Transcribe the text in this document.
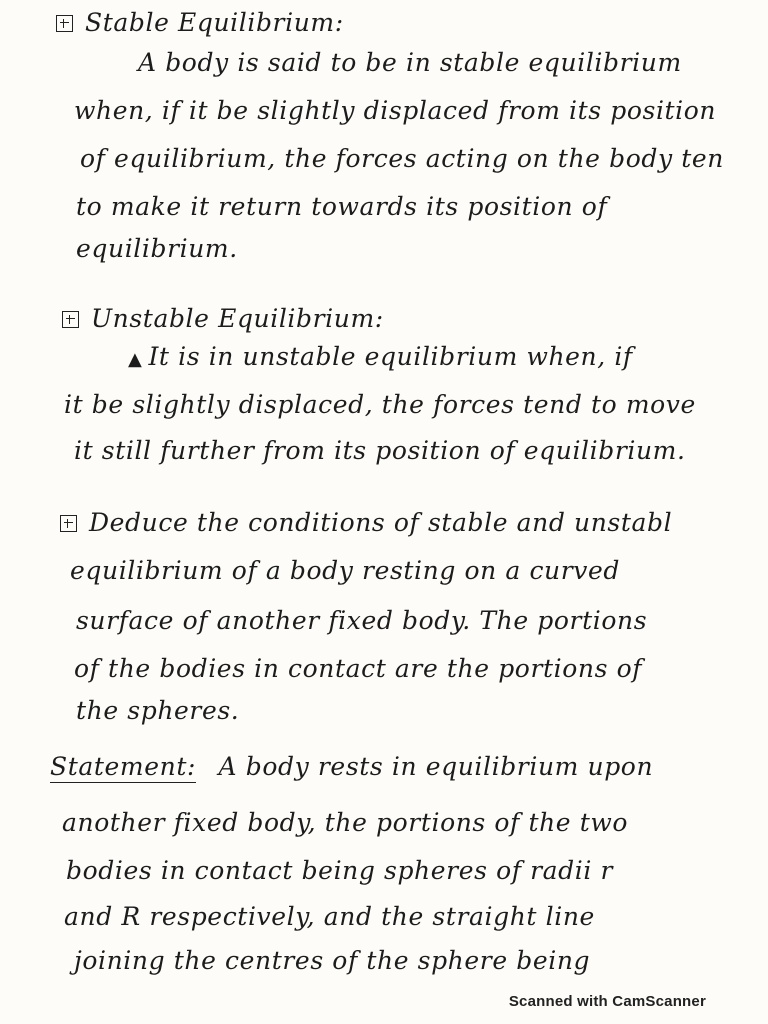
Stable Equilibrium:
A body is said to be in stable equilibrium
when, if it be slightly displaced from its position
of equilibrium, the forces acting on the body ten
to make it return towards its position of
equilibrium.
Unstable Equilibrium:
▲ It is in unstable equilibrium when, if
it be slightly displaced, the forces tend to move
it still further from its position of equilibrium.
Deduce the conditions of stable and unstabl
equilibrium of a body resting on a curved
surface of another fixed body. The portions
of the bodies in contact are the portions of
the spheres.
Statement: A body rests in equilibrium upon
another fixed body, the portions of the two
bodies in contact being spheres of radii r
and R respectively, and the straight line
joining the centres of the sphere being
Scanned with CamScanner
